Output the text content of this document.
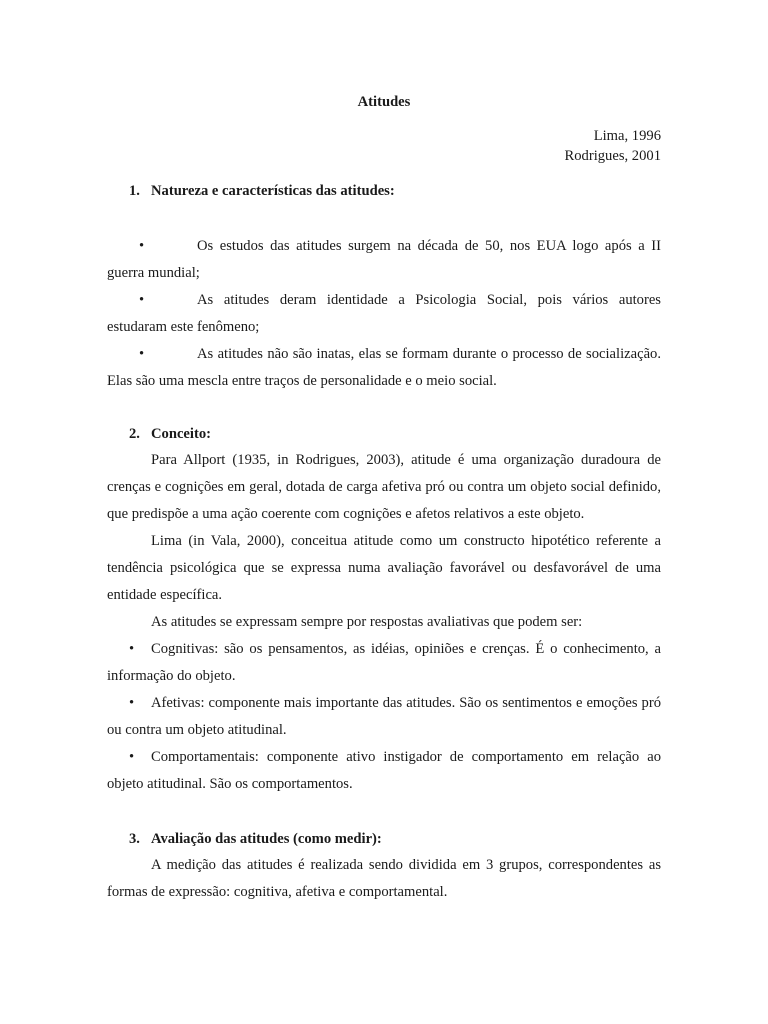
Atitudes
Lima, 1996
Rodrigues, 2001
1. Natureza e características das atitudes:
•	Os estudos das atitudes surgem na década de 50, nos EUA logo após a II guerra mundial;
•	As atitudes deram identidade a Psicologia Social, pois vários autores estudaram este fenômeno;
•	As atitudes não são inatas, elas se formam durante o processo de socialização. Elas são uma mescla entre traços de personalidade e o meio social.
2. Conceito:
Para Allport (1935, in Rodrigues, 2003), atitude é uma organização duradoura de crenças e cognições em geral, dotada de carga afetiva pró ou contra um objeto social definido, que predispõe a uma ação coerente com cognições e afetos relativos a este objeto.
Lima (in Vala, 2000), conceitua atitude como um constructo hipotético referente a tendência psicológica que se expressa numa avaliação favorável ou desfavorável de uma entidade específica.
As atitudes se expressam sempre por respostas avaliativas que podem ser:
• Cognitivas: são os pensamentos, as idéias, opiniões e crenças. É o conhecimento, a informação do objeto.
• Afetivas: componente mais importante das atitudes. São os sentimentos e emoções pró ou contra um objeto atitudinal.
• Comportamentais: componente ativo instigador de comportamento em relação ao objeto atitudinal. São os comportamentos.
3. Avaliação das atitudes (como medir):
A medição das atitudes é realizada sendo dividida em 3 grupos, correspondentes as formas de expressão: cognitiva, afetiva e comportamental.
